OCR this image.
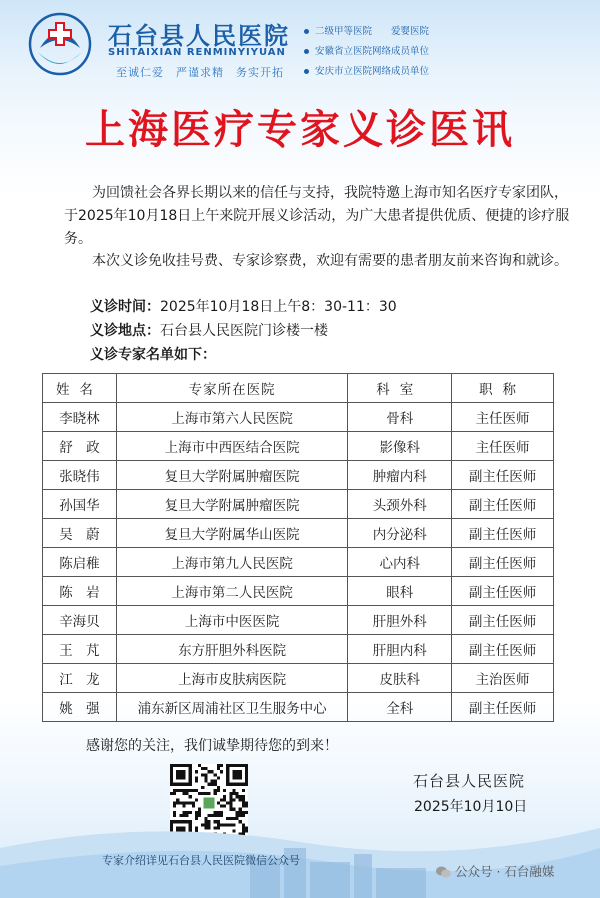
石台县人民医院
SHITAIXIAN RENMINYIYUAN
至诚仁爱　严谨求精　务实开拓
二级甲等医院　　爱婴医院
安徽省立医院网络成员单位
安庆市立医院网络成员单位
上海医疗专家义诊医讯

为回馈社会各界长期以来的信任与支持，我院特邀上海市知名医疗专家团队，于2025年10月18日上午来院开展义诊活动，为广大患者提供优质、便捷的诊疗服务。

本次义诊免收挂号费、专家诊察费，欢迎有需要的患者朋友前来咨询和就诊。

义诊时间：2025年10月18日上午8：30-11：30
义诊地点：石台县人民医院门诊楼一楼
义诊专家名单如下：
姓名	专家所在医院	科室	职称
李晓林	上海市第六人民医院	骨科	主任医师
舒　政	上海市中西医结合医院	影像科	主任医师
张晓伟	复旦大学附属肿瘤医院	肿瘤内科	副主任医师
孙国华	复旦大学附属肿瘤医院	头颈外科	副主任医师
吴　蔚	复旦大学附属华山医院	内分泌科	副主任医师
陈启稚	上海市第九人民医院	心内科	副主任医师
陈　岩	上海市第二人民医院	眼科	副主任医师
辛海贝	上海市中医医院	肝胆外科	副主任医师
王　芃	东方肝胆外科医院	肝胆内科	副主任医师
江　龙	上海市皮肤病医院	皮肤科	主治医师
姚　强	浦东新区周浦社区卫生服务中心	全科	副主任医师
感谢您的关注，我们诚挚期待您的到来！
石台县人民医院
2025年10月10日
专家介绍详见石台县人民医院微信公众号
公众号 · 石台融媒
